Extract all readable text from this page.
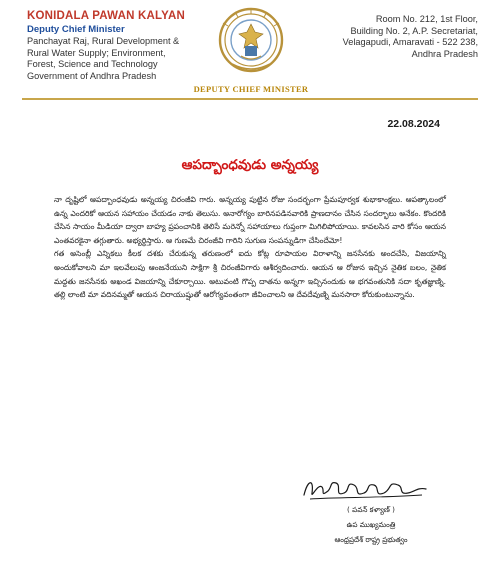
KONIDALA PAWAN KALYAN
Deputy Chief Minister
Panchayat Raj, Rural Development &
Rural Water Supply; Environment,
Forest, Science and Technology
Government of Andhra Pradesh
DEPUTY CHIEF MINISTER
Room No. 212, 1st Floor,
Building No. 2, A.P. Secretariat,
Velagapudi, Amaravati - 522 238,
Andhra Pradesh
22.08.2024
ఆపద్బాంధవుడు అన్నయ్య

నా దృష్టిలో ఆపద్బాంధవుడు అన్నయ్య చిరంజీవి గారు. అన్నయ్య పుట్టిన రోజు సందర్భంగా ప్రేమపూర్వక శుభాకాంక్షలు. ఆపత్కాలంలో ఉన్న ఎందరికో ఆయన సహాయం చేయడం నాకు తెలుసు. అనారోగ్యం బారినపడినవారికి ప్రాణదానం చేసిన సందర్భాలు అనేకం. కొందరికి చేసిన సాయం మీడియా ద్వారా బాహ్య ప్రపంచానికి తెలిసే మరెన్నో సహాయాలు గుప్తంగా మిగిలిపోయాయి. కావలసిన వారి కోసం ఆయన ఎంతవరకైనా తగ్గుతారు. అభ్యర్థిస్తారు. ఆ గుణమే చిరంజీవి గారిని సుగుణ సంపన్నుడిగా చేసిందేమో!

గత అసెంబ్లీ ఎన్నికలు కీలక దశకు చేరుకున్న తరుణంలో ఐదు కోట్ల రూపాయల విరాళాన్ని జనసేనకు అందచేసి, విజయాన్ని అందుకోవాలని మా ఇలవేలుపు ఆంజనేయుని సాక్షిగా శ్రీ చిరంజీవిగారు ఆశీర్వదించారు. ఆయన ఆ రోజున ఇచ్చిన నైతిక బలం, నైతిక మద్దతు జనసేనకు అఖండ విజయాన్ని చేకూర్చాయి. అటువంటి గొప్ప దాతను అన్నగా ఇచ్చినందుకు ఆ భగవంతునికి సదా కృతజ్ఞుణ్ని. తల్లి లాంటి మా వదినమ్మతో ఆయన చిరాయుష్షుతో ఆరోగ్యవంతంగా జీవించాలని ఆ దేవదేవుణ్ని మనసారా కోరుకుంటున్నాను.

( పవన్ కళ్యాణ్ )
ఉప ముఖ్యమంత్రి
ఆంధ్రప్రదేశ్ రాష్ట్ర ప్రభుత్వం
